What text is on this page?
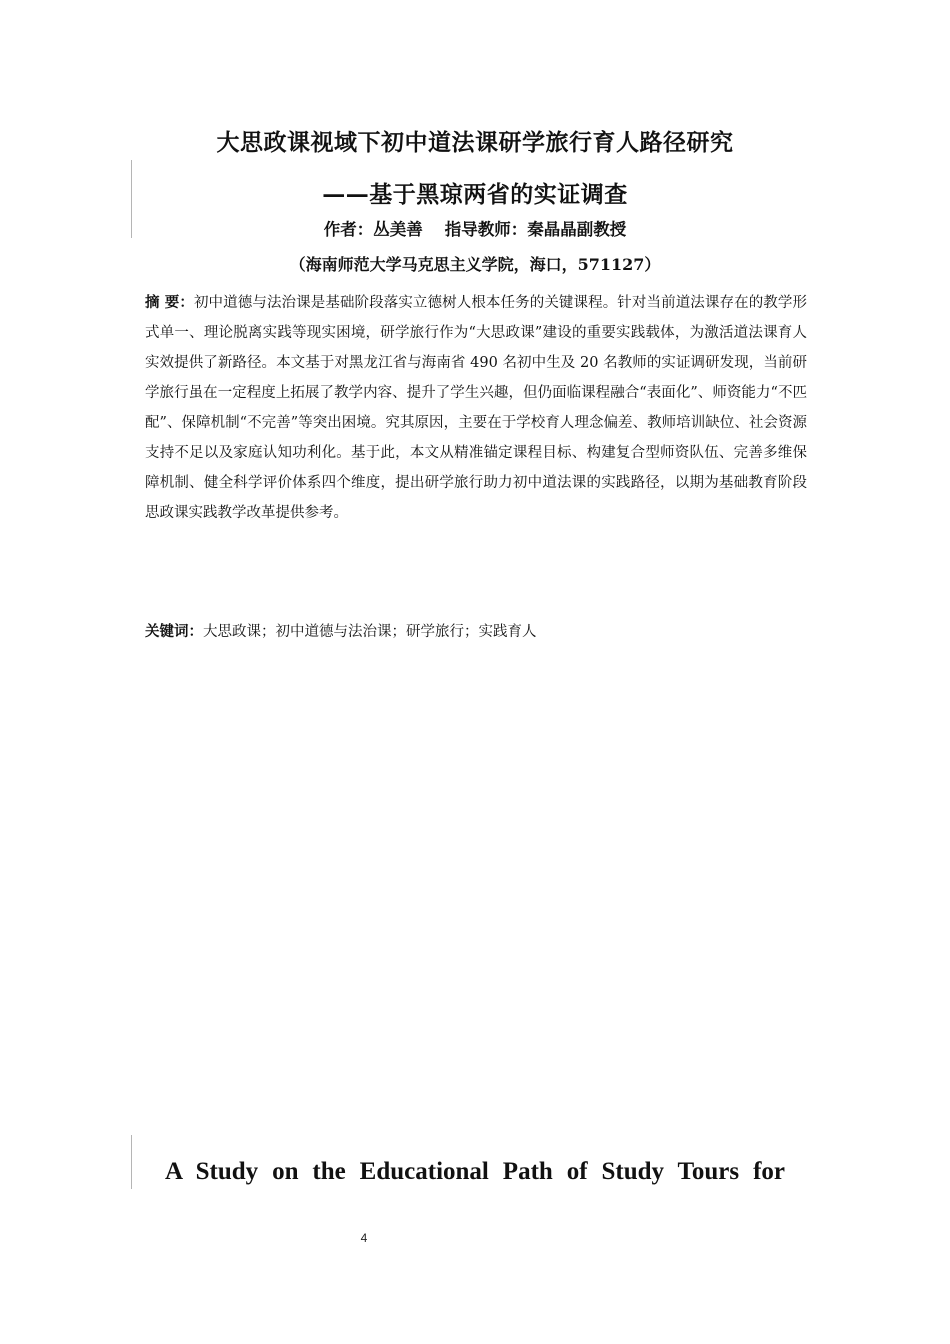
大思政课视域下初中道法课研学旅行育人路径研究
——基于黑琼两省的实证调查
作者：丛美善 指导教师：秦晶晶副教授
（海南师范大学马克思主义学院，海口，571127）

摘 要：初中道德与法治课是基础阶段落实立德树人根本任务的关键课程。针对当前道法课存在的教学形式单一、理论脱离实践等现实困境，研学旅行作为“大思政课”建设的重要实践载体，为激活道法课育人实效提供了新路径。本文基于对黑龙江省与海南省 490 名初中生及 20 名教师的实证调研发现，当前研学旅行虽在一定程度上拓展了教学内容、提升了学生兴趣，但仍面临课程融合“表面化”、师资能力“不匹配”、保障机制“不完善”等突出困境。究其原因，主要在于学校育人理念偏差、教师培训缺位、社会资源支持不足以及家庭认知功利化。基于此，本文从精准锚定课程目标、构建复合型师资队伍、完善多维保障机制、健全科学评价体系四个维度，提出研学旅行助力初中道法课的实践路径，以期为基础教育阶段思政课实践教学改革提供参考。

关键词：大思政课；初中道德与法治课；研学旅行；实践育人

A Study on the Educational Path of Study Tours for

4
